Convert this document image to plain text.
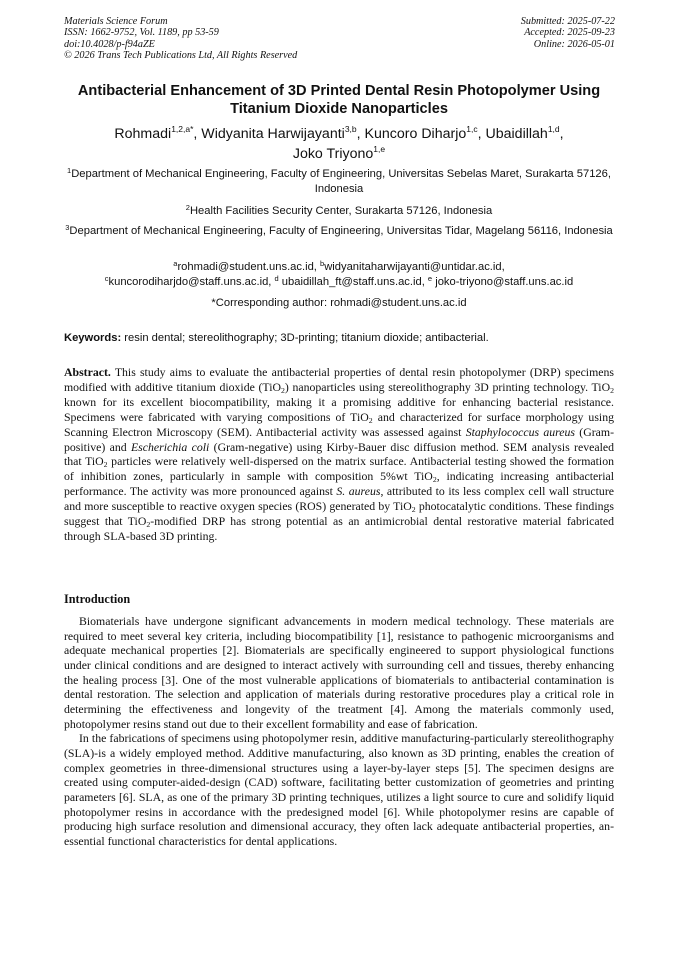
Materials Science Forum
ISSN: 1662-9752, Vol. 1189, pp 53-59
doi:10.4028/p-f94aZE
© 2026 Trans Tech Publications Ltd, All Rights Reserved
Submitted: 2025-07-22
Accepted: 2025-09-23
Online: 2026-05-01
Antibacterial Enhancement of 3D Printed Dental Resin Photopolymer Using Titanium Dioxide Nanoparticles
Rohmadi$^{1,2,a*}$, Widyanita Harwijayanti$^{3,b}$, Kuncoro Diharjo$^{1,c}$, Ubaidillah$^{1,d}$,
Joko Triyono$^{1,e}$
$^1$Department of Mechanical Engineering, Faculty of Engineering, Universitas Sebelas Maret, Surakarta 57126, Indonesia
$^2$Health Facilities Security Center, Surakarta 57126, Indonesia
$^3$Department of Mechanical Engineering, Faculty of Engineering, Universitas Tidar, Magelang 56116, Indonesia
$^a$rohmadi@student.uns.ac.id, $^b$widyanitaharwijayanti@untidar.ac.id,
$^c$kuncorodiharjdo@staff.uns.ac.id, $^d$ ubaidillah_ft@staff.uns.ac.id, $^e$ joko-triyono@staff.uns.ac.id
*Corresponding author: rohmadi@student.uns.ac.id
Keywords: resin dental; stereolithography; 3D-printing; titanium dioxide; antibacterial.
Abstract. This study aims to evaluate the antibacterial properties of dental resin photopolymer (DRP) specimens modified with additive titanium dioxide (TiO$_2$) nanoparticles using stereolithography 3D printing technology. TiO$_2$ known for its excellent biocompatibility, making it a promising additive for enhancing bacterial resistance. Specimens were fabricated with varying compositions of TiO$_2$ and characterized for surface morphology using Scanning Electron Microscopy (SEM). Antibacterial activity was assessed against Staphylococcus aureus (Gram-positive) and Escherichia coli (Gram-negative) using Kirby-Bauer disc diffusion method. SEM analysis revealed that TiO$_2$ particles were relatively well-dispersed on the matrix surface. Antibacterial testing showed the formation of inhibition zones, particularly in sample with composition 5%wt TiO$_2$, indicating increasing antibacterial performance. The activity was more pronounced against S. aureus, attributed to its less complex cell wall structure and more susceptible to reactive oxygen species (ROS) generated by TiO$_2$ photocatalytic conditions. These findings suggest that TiO$_2$-modified DRP has strong potential as an antimicrobial dental restorative material fabricated through SLA-based 3D printing.
Introduction

Biomaterials have undergone significant advancements in modern medical technology. These materials are required to meet several key criteria, including biocompatibility [1], resistance to pathogenic microorganisms and adequate mechanical properties [2]. Biomaterials are specifically engineered to support physiological functions under clinical conditions and are designed to interact actively with surrounding cell and tissues, thereby enhancing the healing process [3]. One of the most vulnerable applications of biomaterials to antibacterial contamination is dental restoration. The selection and application of materials during restorative procedures play a critical role in determining the effectiveness and longevity of the treatment [4]. Among the materials commonly used, photopolymer resins stand out due to their excellent formability and ease of fabrication.

In the fabrications of specimens using photopolymer resin, additive manufacturing-particularly stereolithography (SLA)-is a widely employed method. Additive manufacturing, also known as 3D printing, enables the creation of complex geometries in three-dimensional structures using a layer-by-layer steps [5]. The specimen designs are created using computer-aided-design (CAD) software, facilitating better customization of geometries and printing parameters [6]. SLA, as one of the primary 3D printing techniques, utilizes a light source to cure and solidify liquid photopolymer resins in accordance with the predesigned model [6]. While photopolymer resins are capable of producing high surface resolution and dimensional accuracy, they often lack adequate antibacterial properties, an-essential functional characteristics for dental applications.
